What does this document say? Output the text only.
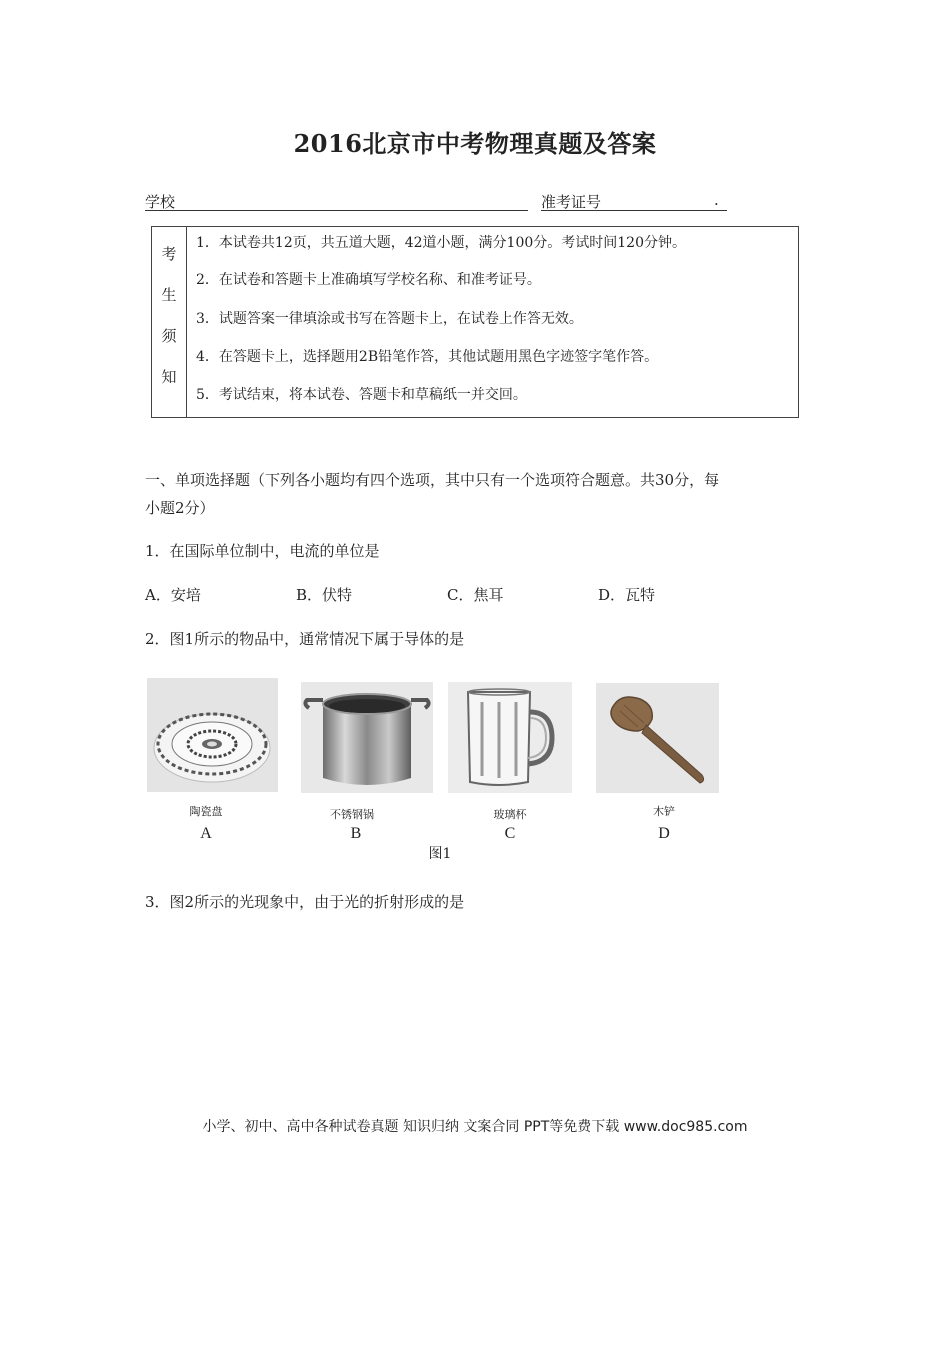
2016北京市中考物理真题及答案
学校	准考证号	.
考
生
须
知
1．本试卷共12页，共五道大题，42道小题，满分100分。考试时间120分钟。
2．在试卷和答题卡上准确填写学校名称、和准考证号。
3．试题答案一律填涂或书写在答题卡上，在试卷上作答无效。
4．在答题卡上，选择题用2B铅笔作答，其他试题用黑色字迹签字笔作答。
5．考试结束，将本试卷、答题卡和草稿纸一并交回。
一、单项选择题（下列各小题均有四个选项，其中只有一个选项符合题意。共30分，每
小题2分）
1．在国际单位制中，电流的单位是
A．安培	B．伏特	C．焦耳	D．瓦特
2．图1所示的物品中，通常情况下属于导体的是
陶瓷盘
A
不锈钢锅
B
玻璃杯
C
木铲
D
图1
3．图2所示的光现象中，由于光的折射形成的是
小学、初中、高中各种试卷真题 知识归纳 文案合同 PPT等免费下载 www.doc985.com
